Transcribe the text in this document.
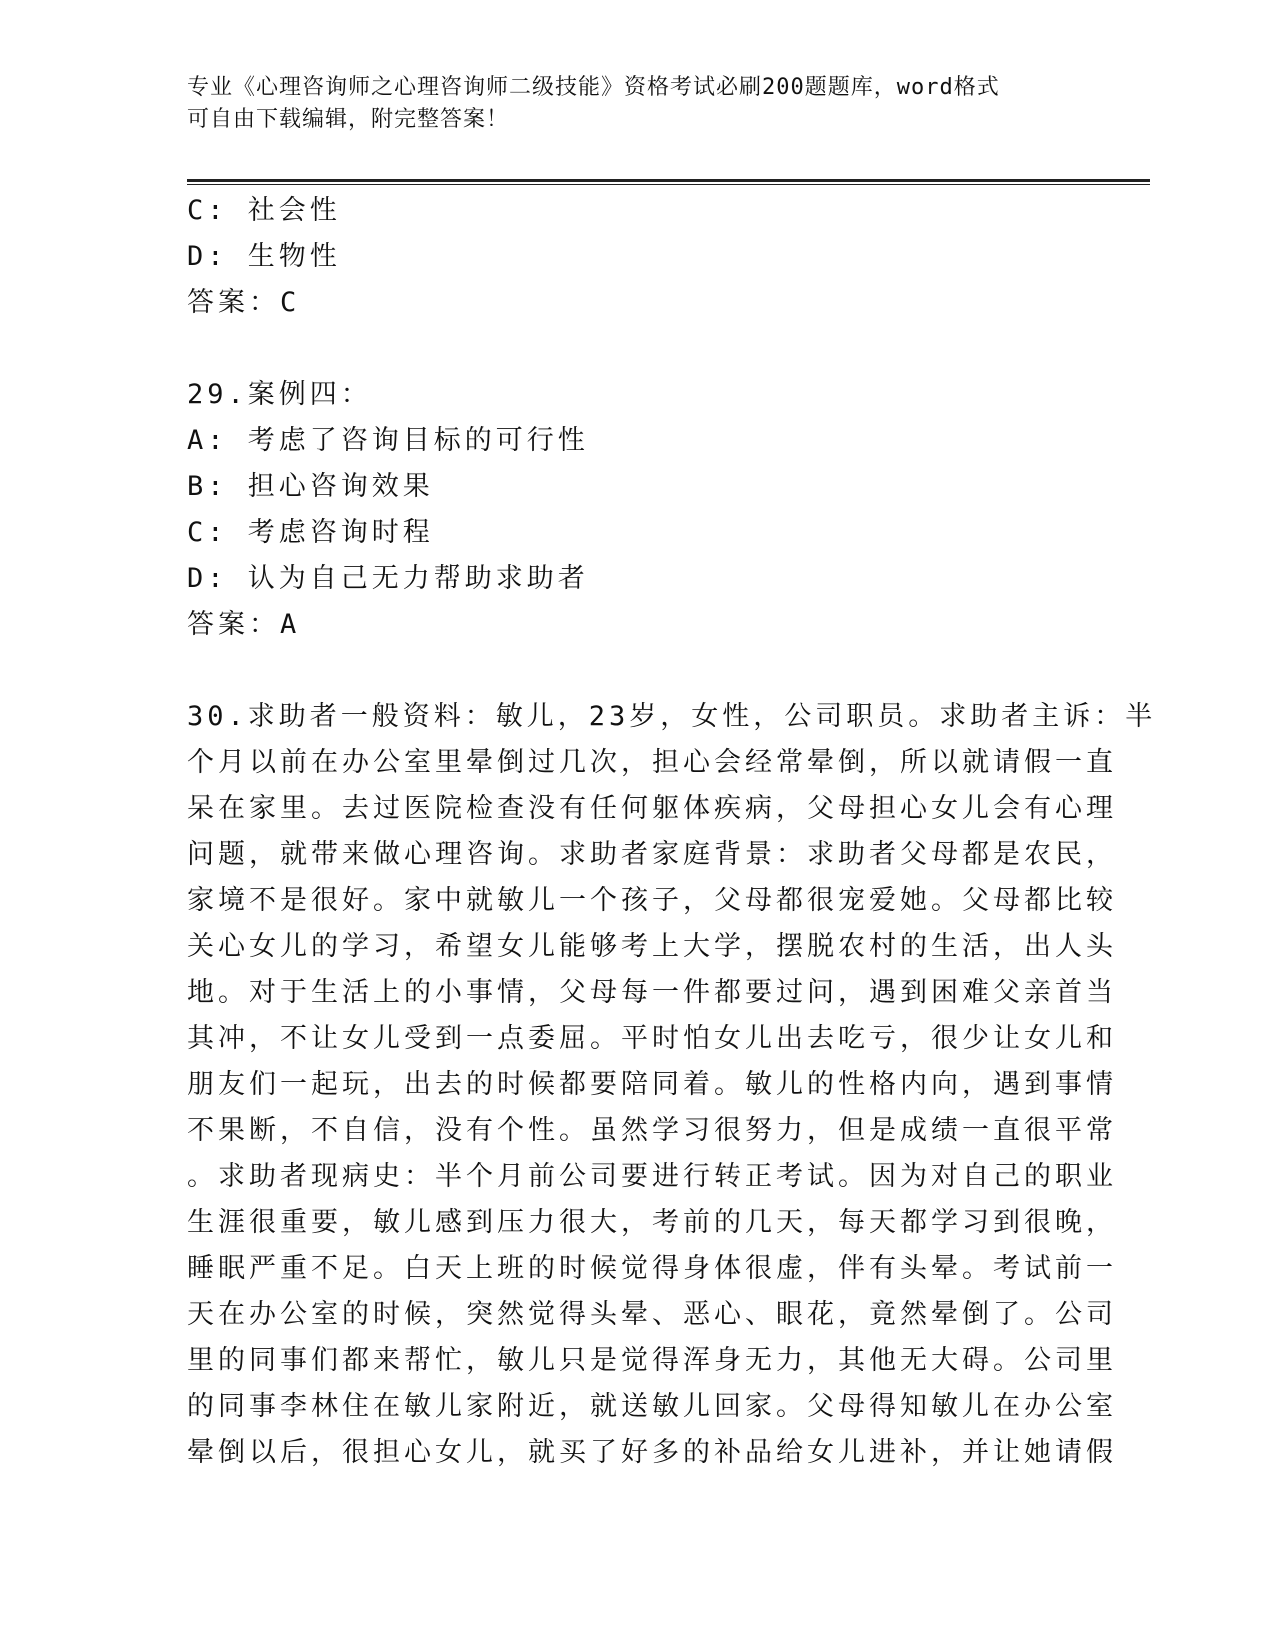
专业《心理咨询师之心理咨询师二级技能》资格考试必刷200题题库，word格式
可自由下载编辑，附完整答案！
C: 社会性
D: 生物性
答案：C
29.案例四：
A: 考虑了咨询目标的可行性
B: 担心咨询效果
C: 考虑咨询时程
D: 认为自己无力帮助求助者
答案：A
30.求助者一般资料：敏儿，23岁，女性，公司职员。求助者主诉：半
个月以前在办公室里晕倒过几次，担心会经常晕倒，所以就请假一直
呆在家里。去过医院检查没有任何躯体疾病，父母担心女儿会有心理
问题，就带来做心理咨询。求助者家庭背景：求助者父母都是农民，
家境不是很好。家中就敏儿一个孩子，父母都很宠爱她。父母都比较
关心女儿的学习，希望女儿能够考上大学，摆脱农村的生活，出人头
地。对于生活上的小事情，父母每一件都要过问，遇到困难父亲首当
其冲，不让女儿受到一点委屈。平时怕女儿出去吃亏，很少让女儿和
朋友们一起玩，出去的时候都要陪同着。敏儿的性格内向，遇到事情
不果断，不自信，没有个性。虽然学习很努力，但是成绩一直很平常
。求助者现病史：半个月前公司要进行转正考试。因为对自己的职业
生涯很重要，敏儿感到压力很大，考前的几天，每天都学习到很晚，
睡眠严重不足。白天上班的时候觉得身体很虚，伴有头晕。考试前一
天在办公室的时候，突然觉得头晕、恶心、眼花，竟然晕倒了。公司
里的同事们都来帮忙，敏儿只是觉得浑身无力，其他无大碍。公司里
的同事李林住在敏儿家附近，就送敏儿回家。父母得知敏儿在办公室
晕倒以后，很担心女儿，就买了好多的补品给女儿进补，并让她请假
